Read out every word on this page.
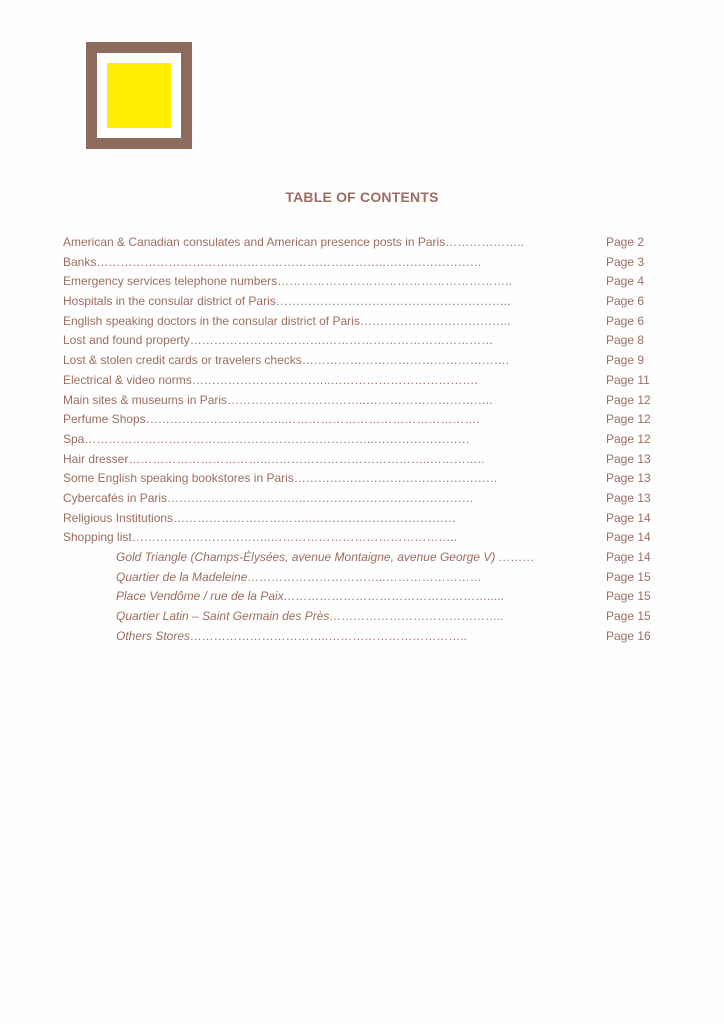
TABLE OF CONTENTS
American & Canadian consulates and American presence posts in Paris………………..	Page 2
Banks……………………………..………………………………..……………………	Page 3
Emergency services telephone numbers…………………………………………………..	Page 4
Hospitals in the consular district of Paris…………………………………………………..	Page 6
English speaking doctors in the consular district of Paris………………………………..	Page 6
Lost and found property…………………………….……………………………………	Page 8
Lost & stolen credit cards or travelers checks…………………………………………….	Page 9
Electrical & video norms……………………………..……………………………….	Page 11
Main sites & museums in Paris……………………………..…………………………..	Page 12
Perfume Shops……………………………..………………………………………….	Page 12
Spa……………………………..………………………………..……………………	Page 12
Hair dresser……………………………..…………………………………..…………..	Page 13
Some English speaking bookstores in Paris……………………………………………	Page 13
Cybercafés in Paris……………………………..……………………………………	Page 13
Religious Institutions……………………………..………………………………	Page 14
Shopping list……………………………..………………………………………..	Page 14
Gold Triangle (Champs-Élysées, avenue Montaigne, avenue George V) ………	Page 14
Quartier de la Madeleine……………………………..……………………	Page 15
Place Vendôme / rue de la Paix…………………………………………….....	Page 15
Quartier Latin – Saint Germain des Près……………………………………..	Page 15
Others Stores……………………………..……………………………..	Page 16
